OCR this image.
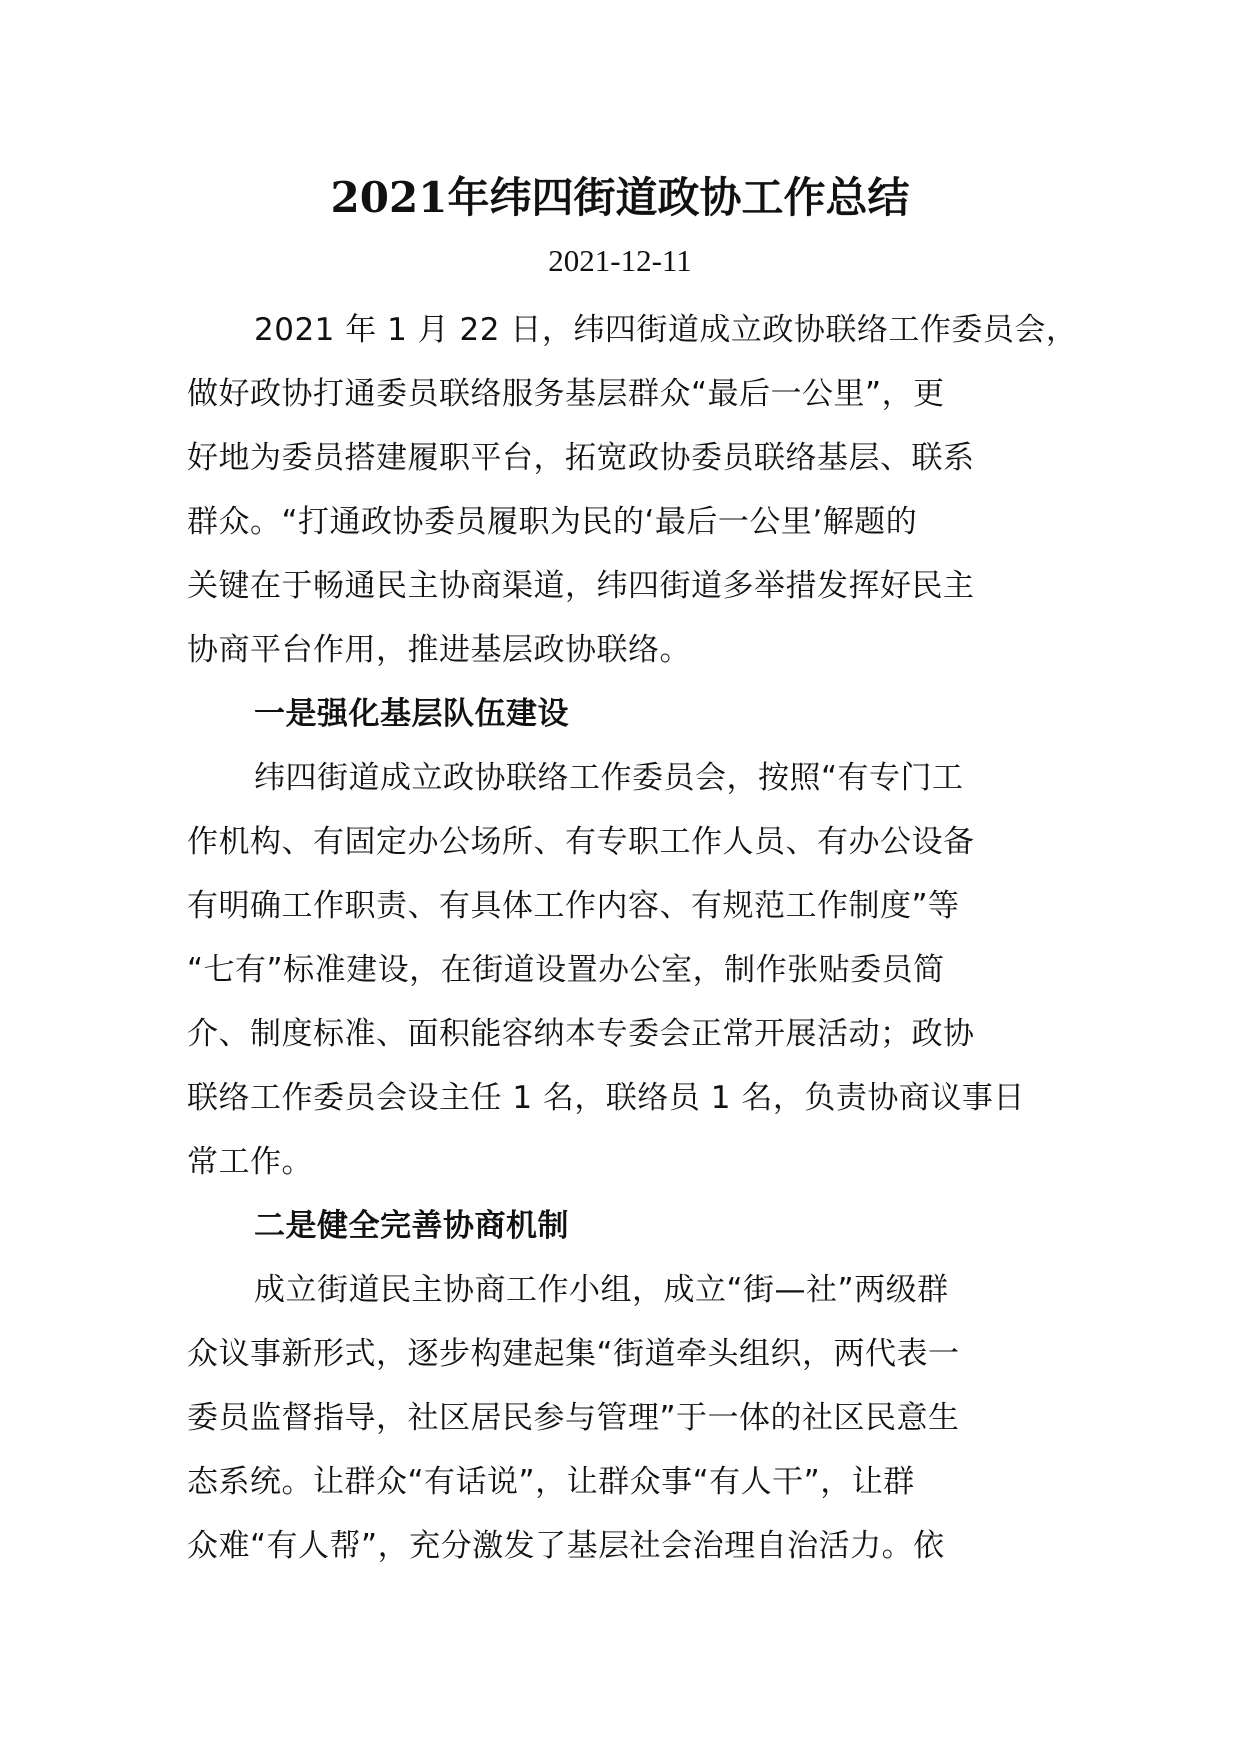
2021年纬四街道政协工作总结
2021-12-11
2021 年 1 月 22 日，纬四街道成立政协联络工作委员会，
做好政协打通委员联络服务基层群众“最后一公里”，更
好地为委员搭建履职平台，拓宽政协委员联络基层、联系
群众。“打通政协委员履职为民的‘最后一公里’解题的
关键在于畅通民主协商渠道，纬四街道多举措发挥好民主
协商平台作用，推进基层政协联络。
一是强化基层队伍建设
纬四街道成立政协联络工作委员会，按照“有专门工
作机构、有固定办公场所、有专职工作人员、有办公设备
有明确工作职责、有具体工作内容、有规范工作制度”等
“七有”标准建设，在街道设置办公室，制作张贴委员简
介、制度标准、面积能容纳本专委会正常开展活动；政协
联络工作委员会设主任 1 名，联络员 1 名，负责协商议事日
常工作。
二是健全完善协商机制
成立街道民主协商工作小组，成立“街—社”两级群
众议事新形式，逐步构建起集“街道牵头组织，两代表一
委员监督指导，社区居民参与管理”于一体的社区民意生
态系统。让群众“有话说”，让群众事“有人干”，让群
众难“有人帮”，充分激发了基层社会治理自治活力。依
